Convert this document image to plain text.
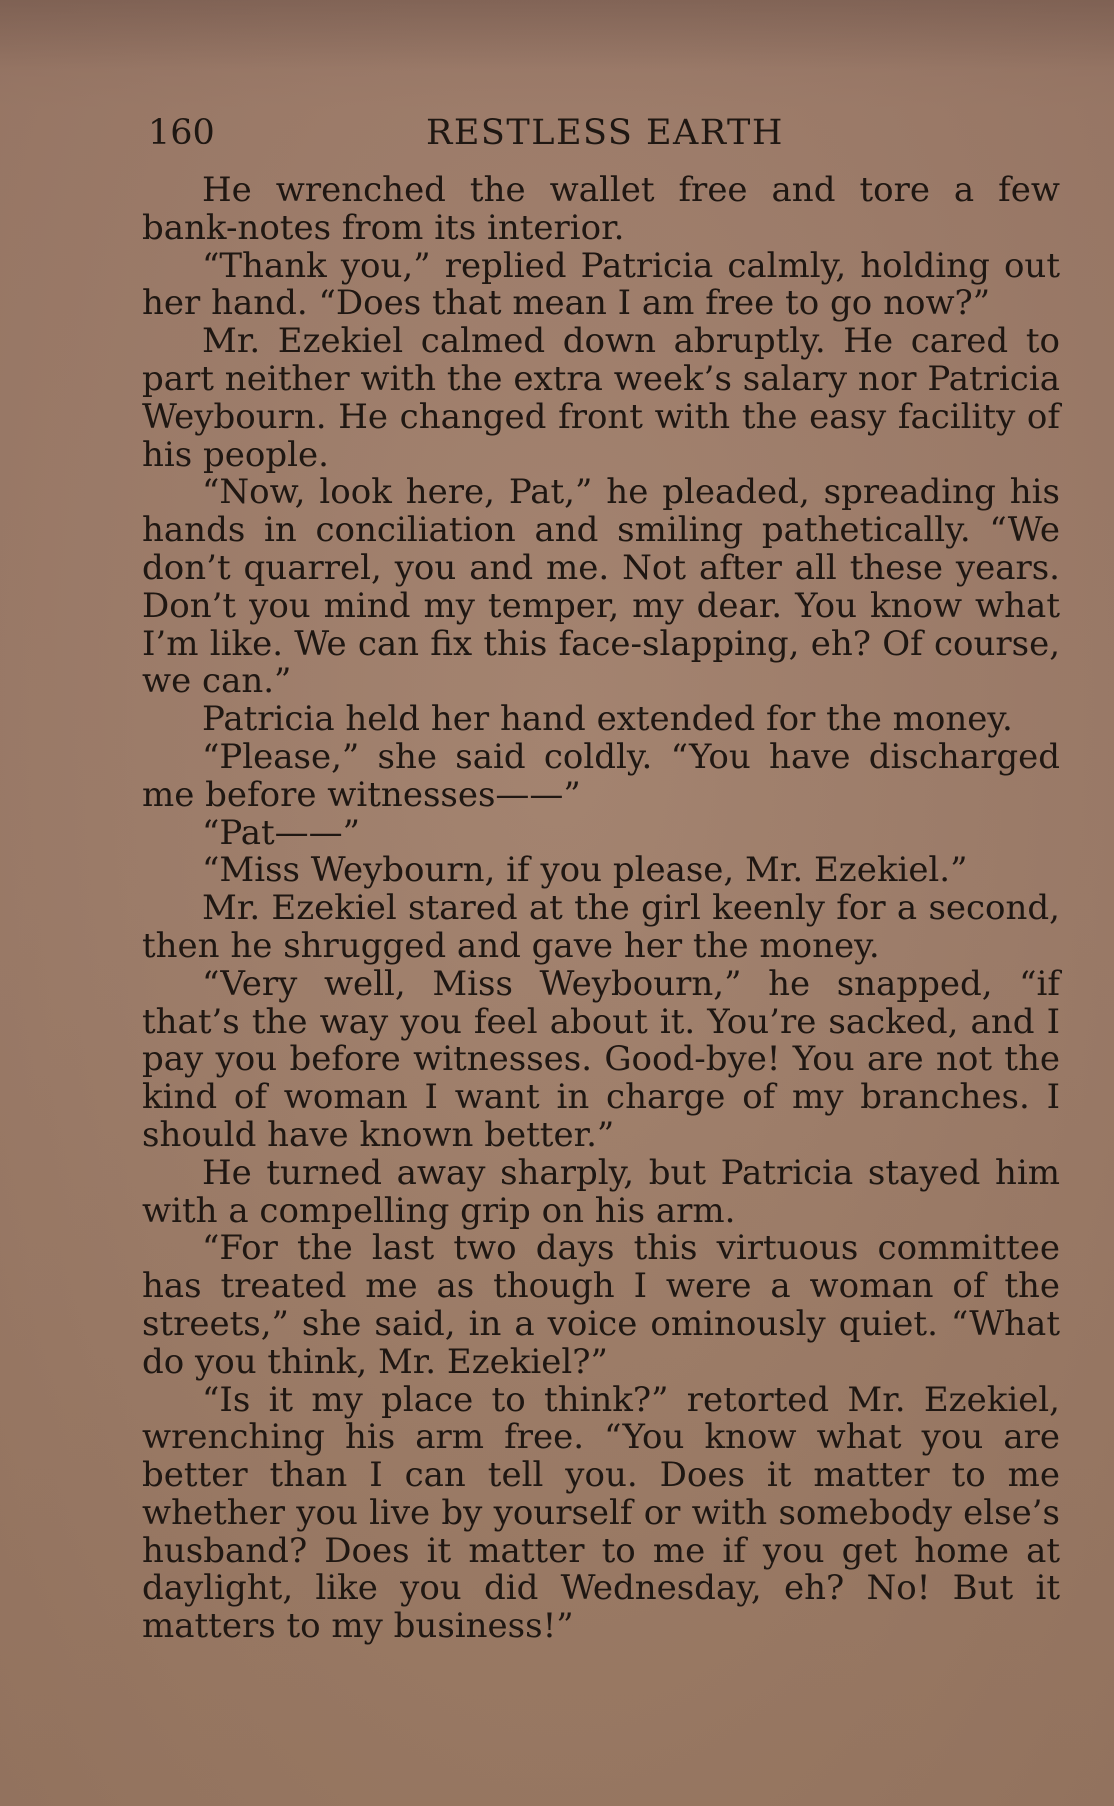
160	RESTLESS EARTH

He wrenched the wallet free and tore a few bank-notes from its interior.

“Thank you,” replied Patricia calmly, holding out her hand. “Does that mean I am free to go now?”

Mr. Ezekiel calmed down abruptly. He cared to part neither with the extra week’s salary nor Patricia Weybourn. He changed front with the easy facility of his people.

“Now, look here, Pat,” he pleaded, spreading his hands in conciliation and smiling pathetically. “We don’t quarrel, you and me. Not after all these years. Don’t you mind my temper, my dear. You know what I’m like. We can fix this face-slapping, eh? Of course, we can.”

Patricia held her hand extended for the money.

“Please,” she said coldly. “You have discharged me before witnesses——”

“Pat——”

“Miss Weybourn, if you please, Mr. Ezekiel.”

Mr. Ezekiel stared at the girl keenly for a second, then he shrugged and gave her the money.

“Very well, Miss Weybourn,” he snapped, “if that’s the way you feel about it. You’re sacked, and I pay you before witnesses. Good-bye! You are not the kind of woman I want in charge of my branches. I should have known better.”

He turned away sharply, but Patricia stayed him with a compelling grip on his arm.

“For the last two days this virtuous committee has treated me as though I were a woman of the streets,” she said, in a voice ominously quiet. “What do you think, Mr. Ezekiel?”

“Is it my place to think?” retorted Mr. Ezekiel, wrenching his arm free. “You know what you are better than I can tell you. Does it matter to me whether you live by yourself or with somebody else’s husband? Does it matter to me if you get home at daylight, like you did Wednesday, eh? No! But it matters to my business!”
